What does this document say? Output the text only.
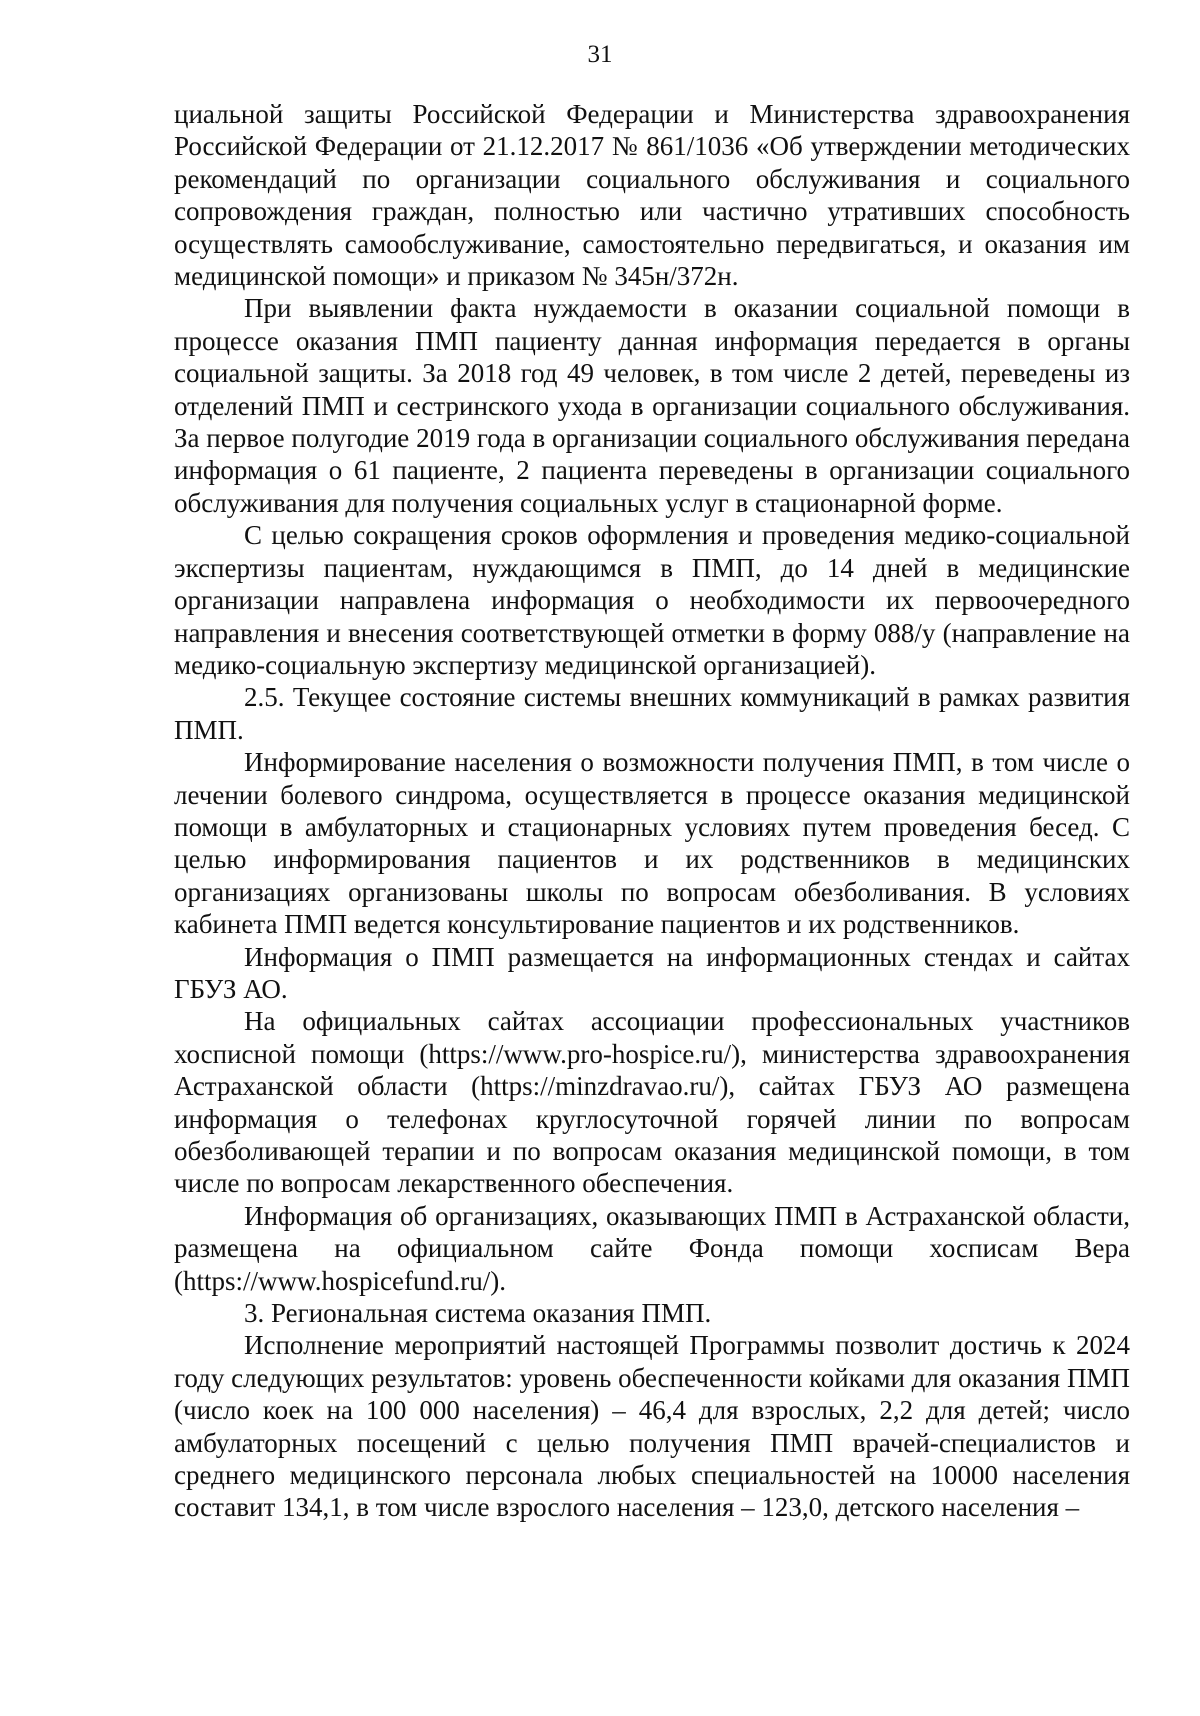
31

циальной защиты Российской Федерации и Министерства здравоохранения Российской Федерации от 21.12.2017 № 861/1036 «Об утверждении методических рекомендаций по организации социального обслуживания и социального сопровождения граждан, полностью или частично утративших способность осуществлять самообслуживание, самостоятельно передвигаться, и оказания им медицинской помощи» и приказом № 345н/372н.

При выявлении факта нуждаемости в оказании социальной помощи в процессе оказания ПМП пациенту данная информация передается в органы социальной защиты. За 2018 год 49 человек, в том числе 2 детей, переведены из отделений ПМП и сестринского ухода в организации социального обслуживания. За первое полугодие 2019 года в организации социального обслуживания передана информация о 61 пациенте, 2 пациента переведены в организации социального обслуживания для получения социальных услуг в стационарной форме.

С целью сокращения сроков оформления и проведения медико-социальной экспертизы пациентам, нуждающимся в ПМП, до 14 дней в медицинские организации направлена информация о необходимости их первоочередного направления и внесения соответствующей отметки в форму 088/у (направление на медико-социальную экспертизу медицинской организацией).

2.5. Текущее состояние системы внешних коммуникаций в рамках развития ПМП.

Информирование населения о возможности получения ПМП, в том числе о лечении болевого синдрома, осуществляется в процессе оказания медицинской помощи в амбулаторных и стационарных условиях путем проведения бесед. С целью информирования пациентов и их родственников в медицинских организациях организованы школы по вопросам обезболивания. В условиях кабинета ПМП ведется консультирование пациентов и их родственников.

Информация о ПМП размещается на информационных стендах и сайтах ГБУЗ АО.

На официальных сайтах ассоциации профессиональных участников хосписной помощи (https://www.pro-hospice.ru/), министерства здравоохранения Астраханской области (https://minzdravao.ru/), сайтах ГБУЗ АО размещена информация о телефонах круглосуточной горячей линии по вопросам обезболивающей терапии и по вопросам оказания медицинской помощи, в том числе по вопросам лекарственного обеспечения.

Информация об организациях, оказывающих ПМП в Астраханской области, размещена на официальном сайте Фонда помощи хосписам Вера (https://www.hospicefund.ru/).

3. Региональная система оказания ПМП.

Исполнение мероприятий настоящей Программы позволит достичь к 2024 году следующих результатов: уровень обеспеченности койками для оказания ПМП (число коек на 100 000 населения) – 46,4 для взрослых, 2,2 для детей; число амбулаторных посещений с целью получения ПМП врачей-специалистов и среднего медицинского персонала любых специальностей на 10000 населения составит 134,1, в том числе взрослого населения – 123,0, детского населения –
